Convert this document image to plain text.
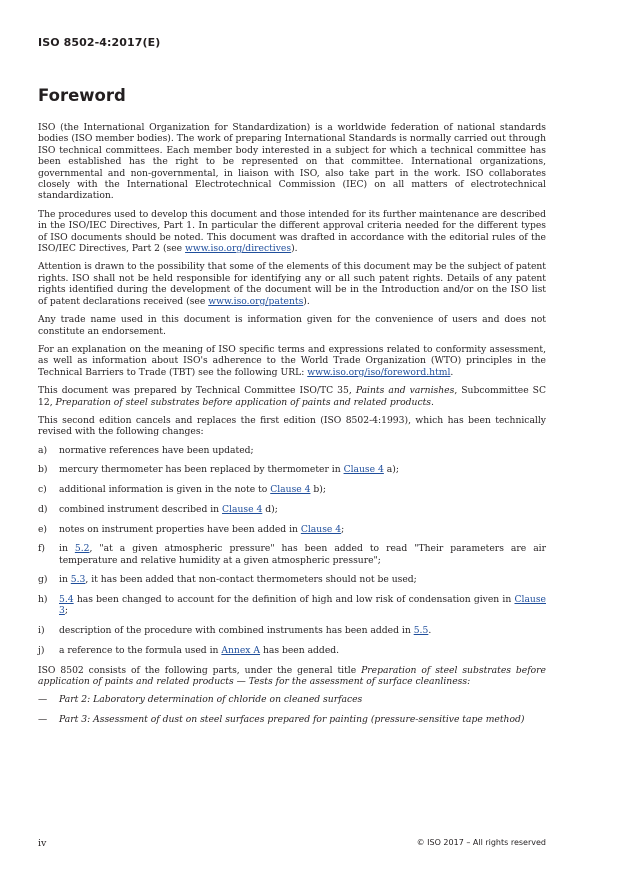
ISO 8502-4:2017(E)
Foreword

ISO (the International Organization for Standardization) is a worldwide federation of national standards bodies (ISO member bodies). The work of preparing International Standards is normally carried out through ISO technical committees. Each member body interested in a subject for which a technical committee has been established has the right to be represented on that committee. International organizations, governmental and non-governmental, in liaison with ISO, also take part in the work. ISO collaborates closely with the International Electrotechnical Commission (IEC) on all matters of electrotechnical standardization.

The procedures used to develop this document and those intended for its further maintenance are described in the ISO/IEC Directives, Part 1. In particular the different approval criteria needed for the different types of ISO documents should be noted. This document was drafted in accordance with the editorial rules of the ISO/IEC Directives, Part 2 (see www.iso.org/directives).

Attention is drawn to the possibility that some of the elements of this document may be the subject of patent rights. ISO shall not be held responsible for identifying any or all such patent rights. Details of any patent rights identified during the development of the document will be in the Introduction and/or on the ISO list of patent declarations received (see www.iso.org/patents).

Any trade name used in this document is information given for the convenience of users and does not constitute an endorsement.

For an explanation on the meaning of ISO specific terms and expressions related to conformity assessment, as well as information about ISO's adherence to the World Trade Organization (WTO) principles in the Technical Barriers to Trade (TBT) see the following URL: www.iso.org/iso/foreword.html.

This document was prepared by Technical Committee ISO/TC 35, Paints and varnishes, Subcommittee SC 12, Preparation of steel substrates before application of paints and related products.

This second edition cancels and replaces the first edition (ISO 8502-4:1993), which has been technically revised with the following changes:

a) normative references have been updated;
b) mercury thermometer has been replaced by thermometer in Clause 4 a);
c) additional information is given in the note to Clause 4 b);
d) combined instrument described in Clause 4 d);
e) notes on instrument properties have been added in Clause 4;
f) in 5.2, "at a given atmospheric pressure" has been added to read "Their parameters are air temperature and relative humidity at a given atmospheric pressure";
g) in 5.3, it has been added that non-contact thermometers should not be used;
h) 5.4 has been changed to account for the definition of high and low risk of condensation given in Clause 3;
i) description of the procedure with combined instruments has been added in 5.5.
j) a reference to the formula used in Annex A has been added.

ISO 8502 consists of the following parts, under the general title Preparation of steel substrates before application of paints and related products — Tests for the assessment of surface cleanliness:

— Part 2: Laboratory determination of chloride on cleaned surfaces
— Part 3: Assessment of dust on steel surfaces prepared for painting (pressure-sensitive tape method)
iv	© ISO 2017 – All rights reserved
